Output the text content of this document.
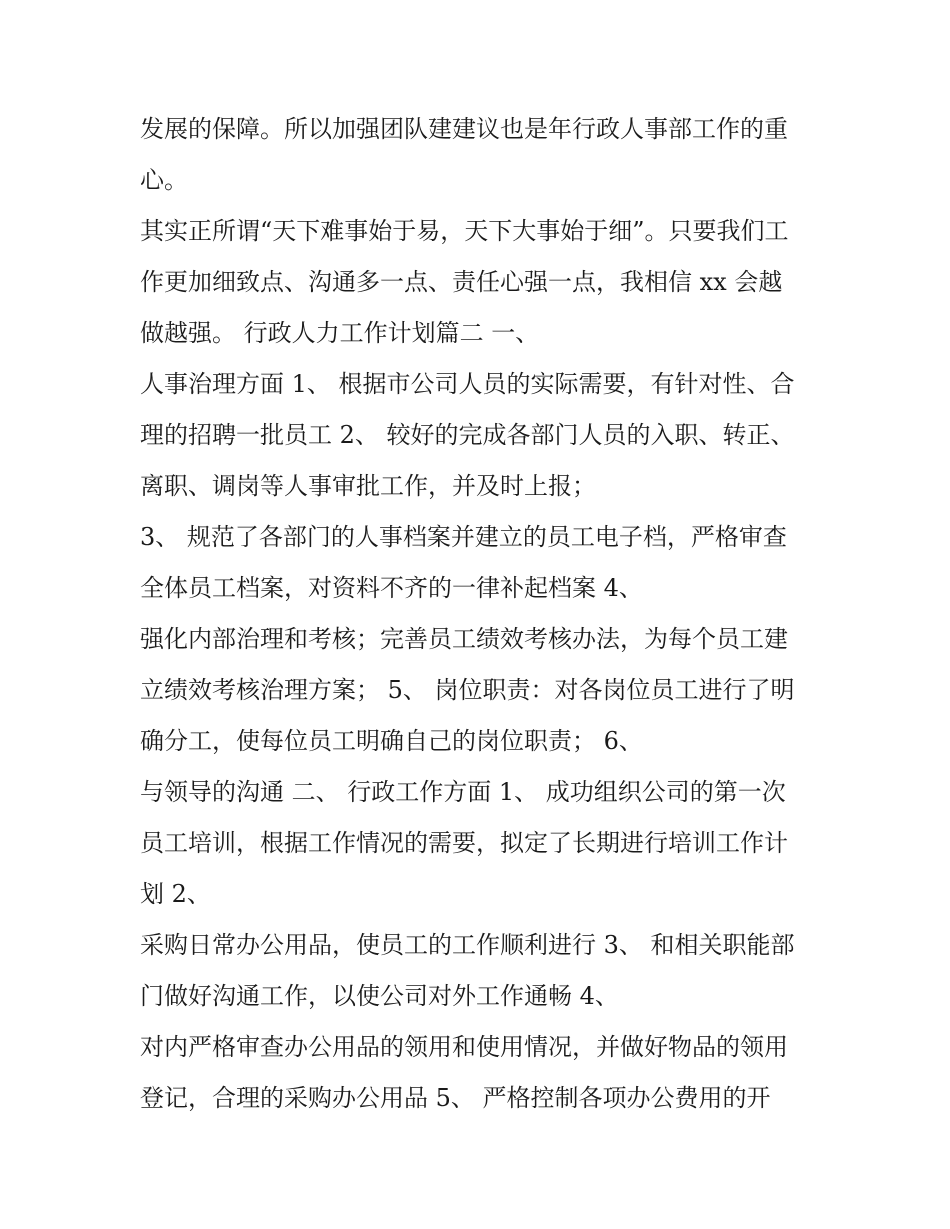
发展的保障。所以加强团队建建议也是年行政人事部工作的重
心。
其实正所谓“天下难事始于易，天下大事始于细”。只要我们工
作更加细致点、沟通多一点、责任心强一点，我相信 xx 会越
做越强。 行政人力工作计划篇二 一、
人事治理方面 1、 根据市公司人员的实际需要，有针对性、合
理的招聘一批员工 2、 较好的完成各部门人员的入职、转正、
离职、调岗等人事审批工作，并及时上报；
3、 规范了各部门的人事档案并建立的员工电子档，严格审查
全体员工档案，对资料不齐的一律补起档案 4、
强化内部治理和考核；完善员工绩效考核办法，为每个员工建
立绩效考核治理方案； 5、 岗位职责：对各岗位员工进行了明
确分工，使每位员工明确自己的岗位职责； 6、
与领导的沟通 二、 行政工作方面 1、 成功组织公司的第一次
员工培训，根据工作情况的需要，拟定了长期进行培训工作计
划 2、
采购日常办公用品，使员工的工作顺利进行 3、 和相关职能部
门做好沟通工作，以使公司对外工作通畅 4、
对内严格审查办公用品的领用和使用情况，并做好物品的领用
登记，合理的采购办公用品 5、 严格控制各项办公费用的开
